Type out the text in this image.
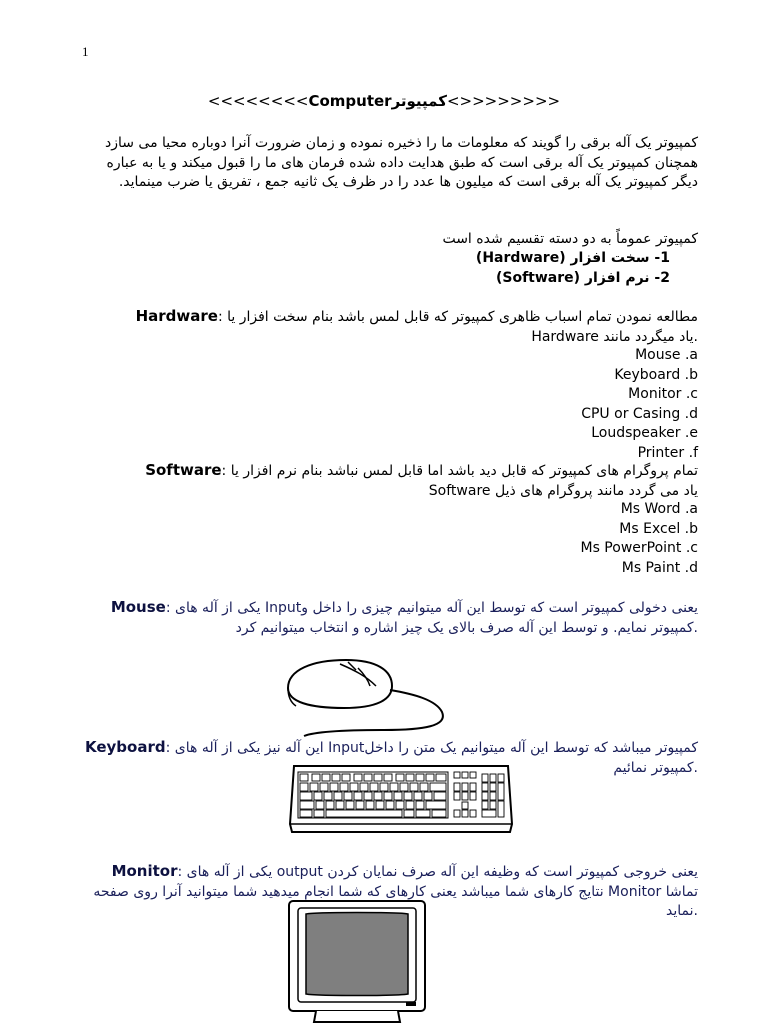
1
<<<<<<<<Computerکمپیوتر<>>>>>>>>
کمپیوتر یک آله برقی را گویند که معلومات ما را ذخیره نموده و زمان ضرورت آنرا دوباره محیا می سازد همچنان کمپیوتر یک آله برقی است که طبق هدایت داده شده فرمان های ما را قبول میکند و یا به عباره دیگر کمپیوتر یک آله برقی است که میلیون ها عدد را در ظرف یک ثانیه جمع ، تفریق یا ضرب مینماید.
کمپیوتر عموماً به دو دسته تقسیم شده است
1- سخت افزار (Hardware)
2- نرم افزار (Software)
Hardware: مطالعه نمودن تمام اسباب ظاهری کمپیوتر که قابل لمس باشد بنام سخت افزار یا Hardware یاد میگردد مانند.
Mouse .a
Keyboard .b
Monitor .c
CPU or Casing .d
Loudspeaker .e
Printer .f
Software: تمام پروگرام های کمپیوتر که قابل دید باشد اما قابل لمس نباشد بنام نرم افزار یا Software یاد می گردد مانند پروگرام های ذیل
Ms Word .a
Ms Excel .b
Ms PowerPoint .c
Ms Paint .d
Mouse: یکی از آله های Inputیعنی دخولی کمپیوتر است که توسط این آله میتوانیم چیزی را داخل و کمپیوتر نمایم. و توسط این آله صرف بالای یک چیز اشاره و انتخاب میتوانیم کرد.
Keyboard: این آله نیز یکی از آله های Inputکمپیوتر میباشد که توسط این آله میتوانیم یک متن را داخل کمپیوتر نمائیم.
Monitor: یکی از آله های output یعنی خروجی کمپیوتر است که وظیفه این آله صرف نمایان کردن نتایج کارهای شما میباشد یعنی کارهای که شما انجام میدهید شما میتوانید آنرا روی صفحه Monitor تماشا نماید.
